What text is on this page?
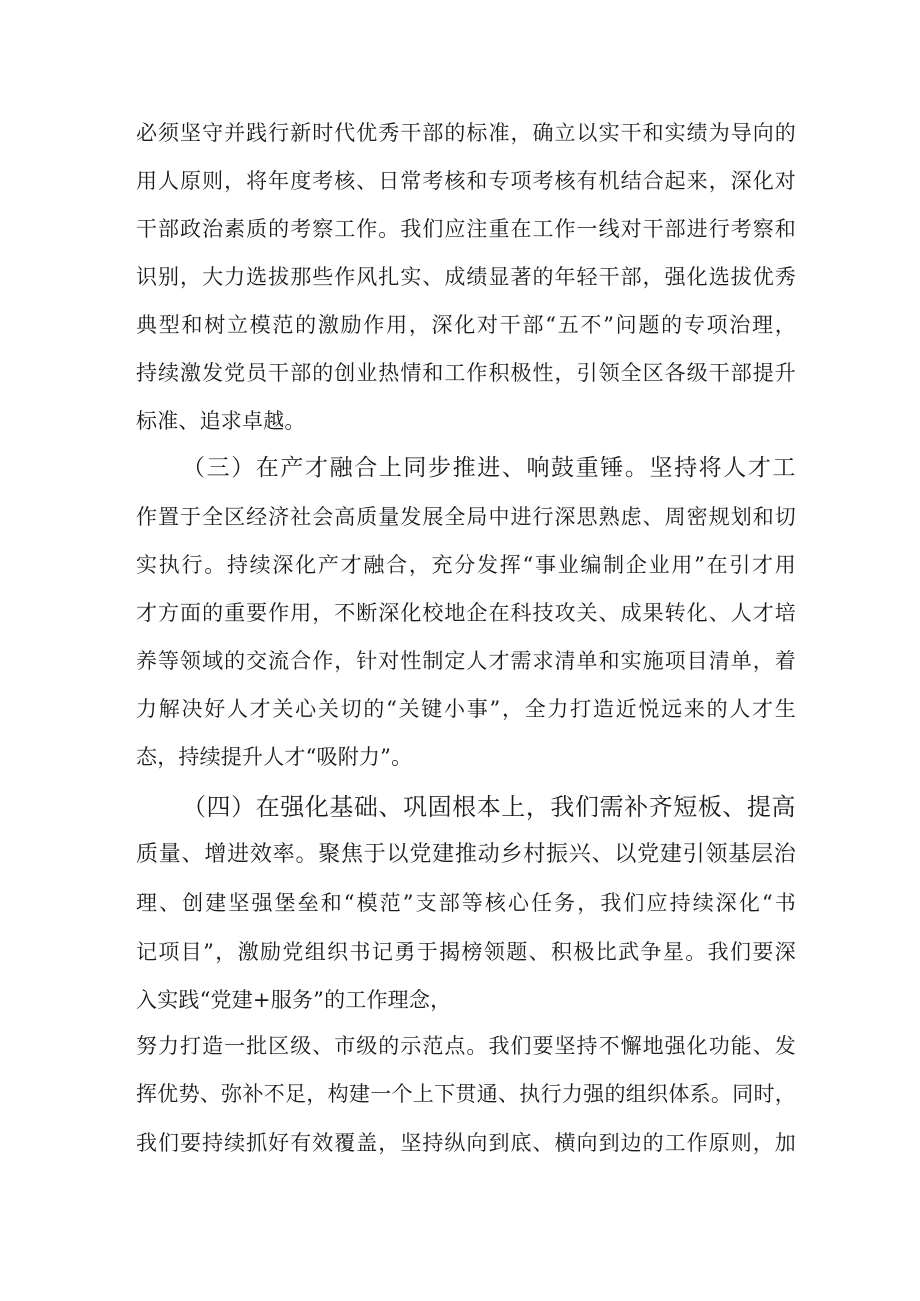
必须坚守并践行新时代优秀干部的标准，确立以实干和实绩为导向的
用人原则，将年度考核、日常考核和专项考核有机结合起来，深化对
干部政治素质的考察工作。我们应注重在工作一线对干部进行考察和
识别，大力选拔那些作风扎实、成绩显著的年轻干部，强化选拔优秀
典型和树立模范的激励作用，深化对干部“五不”问题的专项治理，
持续激发党员干部的创业热情和工作积极性，引领全区各级干部提升
标准、追求卓越。
（三）在产才融合上同步推进、响鼓重锤。坚持将人才工
作置于全区经济社会高质量发展全局中进行深思熟虑、周密规划和切
实执行。持续深化产才融合，充分发挥“事业编制企业用”在引才用
才方面的重要作用，不断深化校地企在科技攻关、成果转化、人才培
养等领域的交流合作，针对性制定人才需求清单和实施项目清单，着
力解决好人才关心关切的“关键小事”，全力打造近悦远来的人才生
态，持续提升人才“吸附力”。
（四）在强化基础、巩固根本上，我们需补齐短板、提高
质量、增进效率。聚焦于以党建推动乡村振兴、以党建引领基层治
理、创建坚强堡垒和“模范”支部等核心任务，我们应持续深化“书
记项目”，激励党组织书记勇于揭榜领题、积极比武争星。我们要深
入实践“党建+服务”的工作理念，
努力打造一批区级、市级的示范点。我们要坚持不懈地强化功能、发
挥优势、弥补不足，构建一个上下贯通、执行力强的组织体系。同时，
我们要持续抓好有效覆盖，坚持纵向到底、横向到边的工作原则，加
